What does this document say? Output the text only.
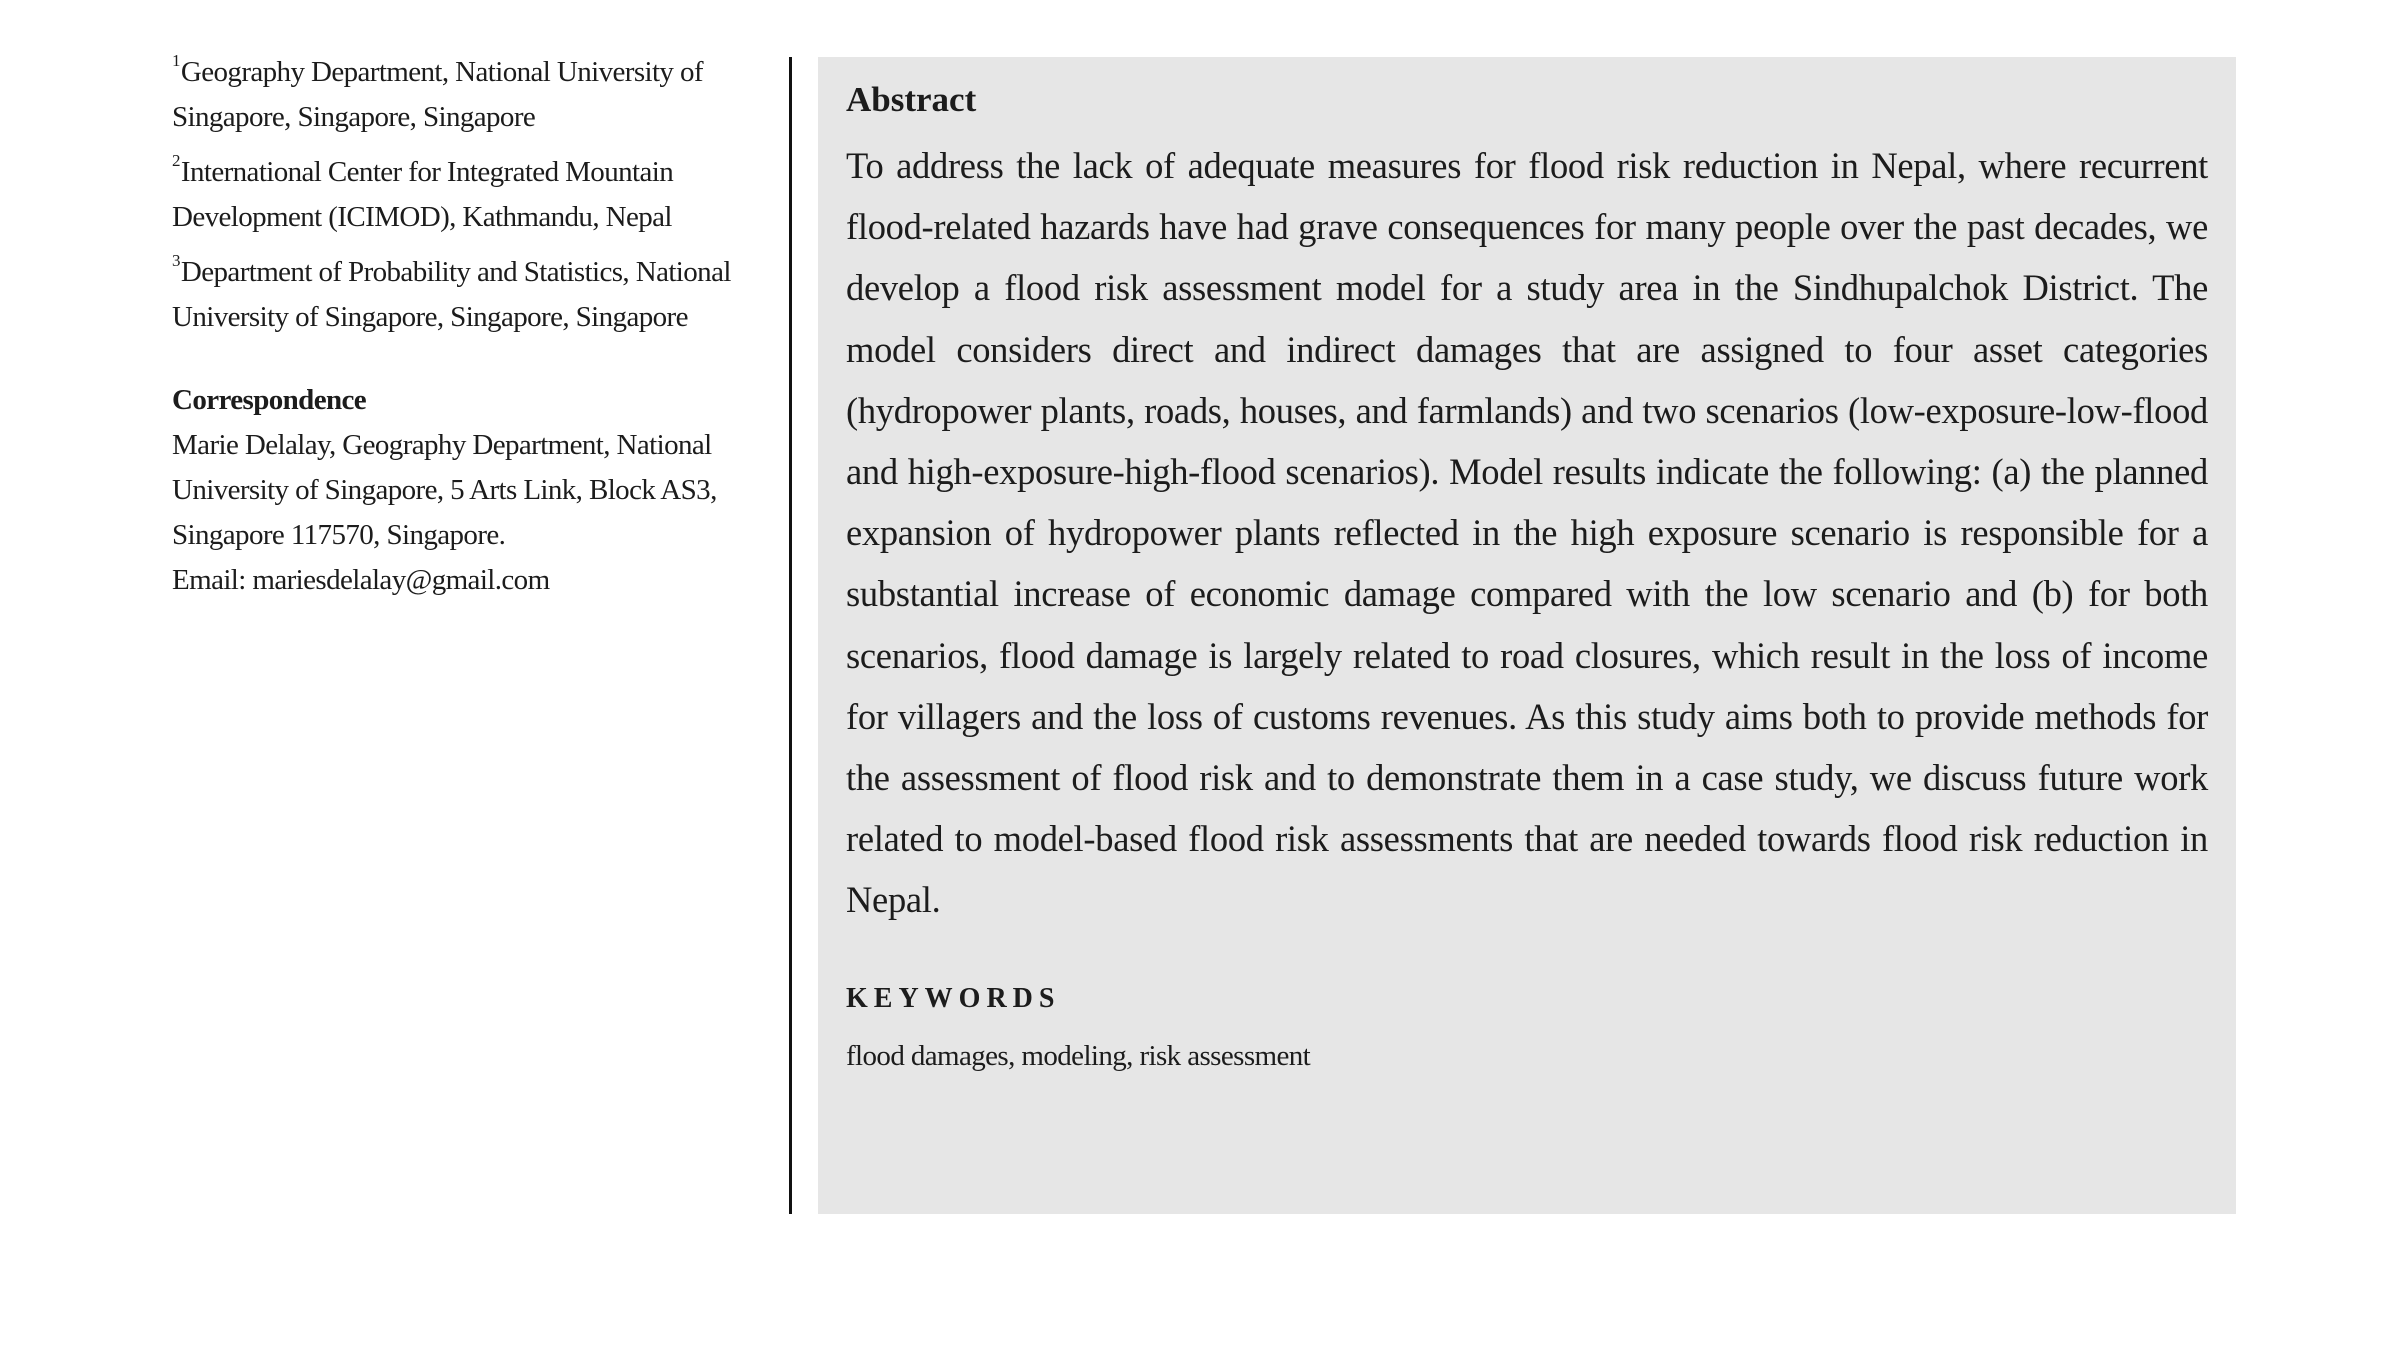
$^1$Geography Department, National University of Singapore, Singapore, Singapore

$^2$International Center for Integrated Mountain Development (ICIMOD), Kathmandu, Nepal

$^3$Department of Probability and Statistics, National University of Singapore, Singapore, Singapore

Correspondence
Marie Delalay, Geography Department, National University of Singapore, 5 Arts Link, Block AS3, Singapore 117570, Singapore.
Email: mariesdelalay@gmail.com
Abstract

To address the lack of adequate measures for flood risk reduction in Nepal, where recurrent flood-related hazards have had grave consequences for many people over the past decades, we develop a flood risk assessment model for a study area in the Sindhupalchok District. The model considers direct and indirect damages that are assigned to four asset categories (hydropower plants, roads, houses, and farmlands) and two scenarios (low-exposure-low-flood and high-exposure-high-flood scenarios). Model results indicate the following: (a) the planned expansion of hydropower plants reflected in the high exposure scenario is responsible for a substantial increase of economic damage compared with the low scenario and (b) for both scenarios, flood damage is largely related to road closures, which result in the loss of income for villagers and the loss of customs revenues. As this study aims both to provide methods for the assessment of flood risk and to demonstrate them in a case study, we discuss future work related to model-based flood risk assessments that are needed towards flood risk reduction in Nepal.

KEYWORDS
flood damages, modeling, risk assessment
